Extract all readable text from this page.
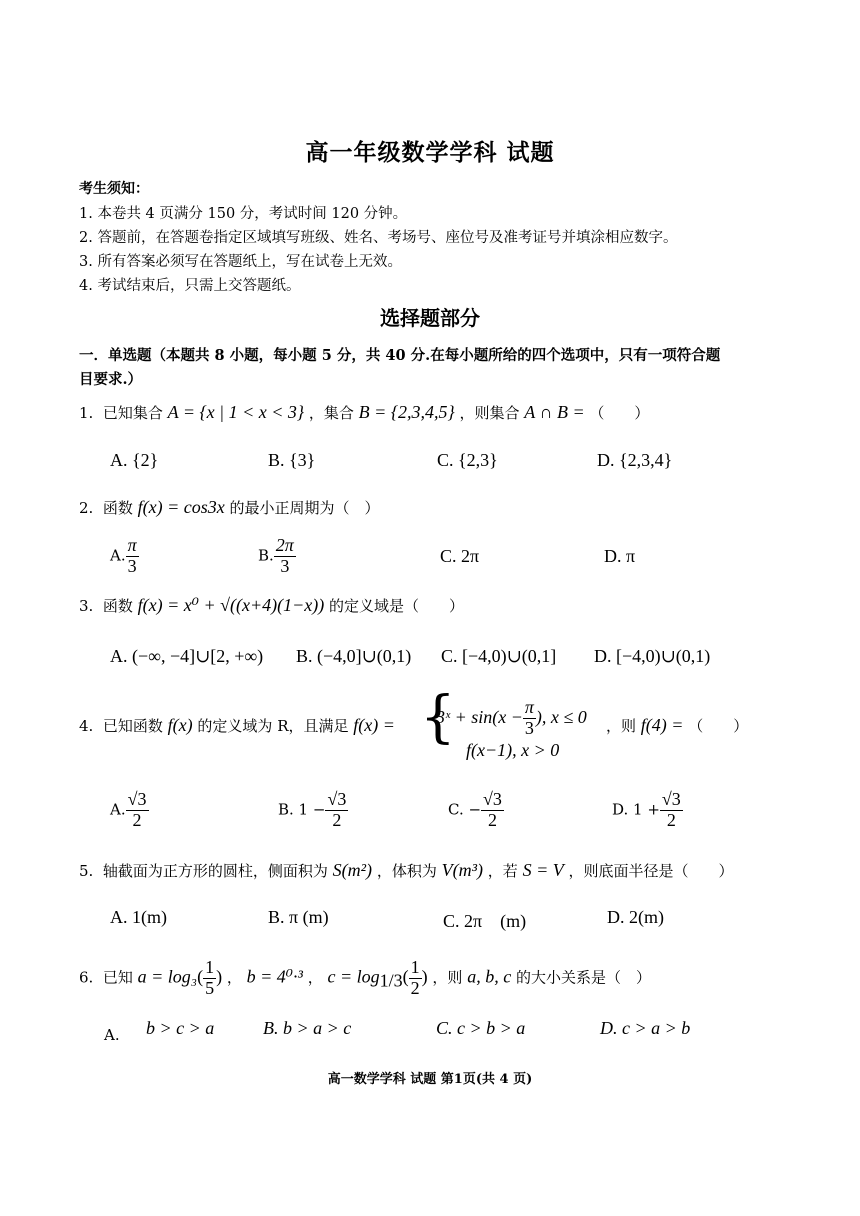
高一年级数学学科 试题
考生须知：
1. 本卷共 4 页满分 150 分，考试时间 120 分钟。
2. 答题前，在答题卷指定区域填写班级、姓名、考场号、座位号及准考证号并填涂相应数字。
3. 所有答案必须写在答题纸上，写在试卷上无效。
4. 考试结束后，只需上交答题纸。
选择题部分
一．单选题（本题共 8 小题，每小题 5 分，共 40 分.在每小题所给的四个选项中，只有一项符合题
目要求.）
1. 已知集合 A = {x | 1 < x < 3} ，集合 B = {2,3,4,5} ，则集合 A ∩ B = （　　）
A. {2}	B. {3}	C. {2,3}	D. {2,3,4}
2. 函数 f(x) = cos3x 的最小正周期为（　）
A. $\frac{\pi}{3}$	B. $\frac{2\pi}{3}$	C. 2π	D. π
3. 函数 f(x) = x⁰ + √((x+4)(1−x)) 的定义域是（　　）
A. (−∞, −4]∪[2, +∞) B. (−4,0]∪(0,1) C. [−4,0)∪(0,1] D. [−4,0)∪(0,1)
4. 已知函数 f(x) 的定义域为 R，且满足 f(x) = {
3ˣ + $\sin(x - \frac{\pi}{3}$ ), x ≤ 0
f(x−1), x > 0
，则 f(4) = （　　）
A. $\frac{√3}{2}$	B. $1 - \frac{√3}{2}$	C. − $\frac{√3}{2}$	D. $1 + \frac{√3}{2}$
5. 轴截面为正方形的圆柱，侧面积为 S(m²) ，体积为 V(m³) ，若 S = V ，则底面半径是（　　）
A. 1(m)	B. π (m)	C. 2π　(m)	D. 2(m)
6. 已知 $a = \log_3( \frac{1}{5}$ ) ， b = 4⁰·³ ， $c = \log_{1/3}( \frac{1}{2}$ ) ，则 a, b, c 的大小关系是（　）
A. b > c > a	B. b > a > c	C. c > b > a	D. c > a > b
高一数学学科 试题 第1页(共 4 页)
